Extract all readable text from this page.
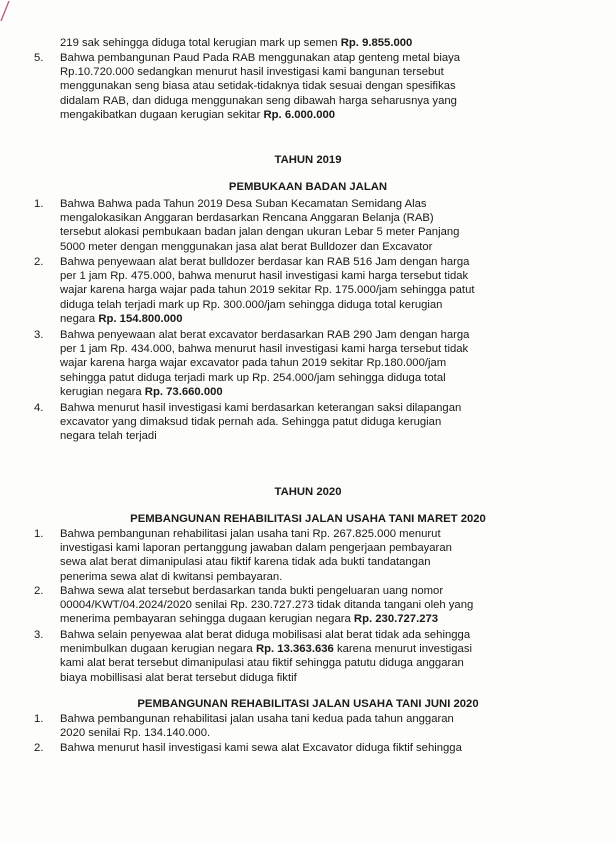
219 sak sehingga diduga total kerugian mark up semen Rp. 9.855.000
5. Bahwa pembangunan Paud Pada RAB menggunakan atap genteng metal biaya
Rp.10.720.000 sedangkan menurut hasil investigasi kami bangunan tersebut
menggunakan seng biasa atau setidak-tidaknya tidak sesuai dengan spesifikas
didalam RAB, dan diduga menggunakan seng dibawah harga seharusnya yang
mengakibatkan dugaan kerugian sekitar Rp. 6.000.000
TAHUN 2019
PEMBUKAAN BADAN JALAN
1. Bahwa Bahwa pada Tahun 2019 Desa Suban Kecamatan Semidang Alas
mengalokasikan Anggaran berdasarkan Rencana Anggaran Belanja (RAB)
tersebut alokasi pembukaan badan jalan dengan ukuran Lebar 5 meter Panjang
5000 meter dengan menggunakan jasa alat berat Bulldozer dan Excavator
2. Bahwa penyewaan alat berat bulldozer berdasar kan RAB 516 Jam dengan harga
per 1 jam Rp. 475.000, bahwa menurut hasil investigasi kami harga tersebut tidak
wajar karena harga wajar pada tahun 2019 sekitar Rp. 175.000/jam sehingga patut
diduga telah terjadi mark up Rp. 300.000/jam sehingga diduga total kerugian
negara Rp. 154.800.000
3. Bahwa penyewaan alat berat excavator berdasarkan RAB 290 Jam dengan harga
per 1 jam Rp. 434.000, bahwa menurut hasil investigasi kami harga tersebut tidak
wajar karena harga wajar excavator pada tahun 2019 sekitar Rp.180.000/jam
sehingga patut diduga terjadi mark up Rp. 254.000/jam sehingga diduga total
kerugian negara Rp. 73.660.000
4. Bahwa menurut hasil investigasi kami berdasarkan keterangan saksi dilapangan
excavator yang dimaksud tidak pernah ada. Sehingga patut diduga kerugian
negara telah terjadi
TAHUN 2020
PEMBANGUNAN REHABILITASI JALAN USAHA TANI MARET 2020
1. Bahwa pembangunan rehabilitasi jalan usaha tani Rp. 267.825.000 menurut
investigasi kami laporan pertanggung jawaban dalam pengerjaan pembayaran
sewa alat berat dimanipulasi atau fiktif karena tidak ada bukti tandatangan
penerima sewa alat di kwitansi pembayaran.
2. Bahwa sewa alat tersebut berdasarkan tanda bukti pengeluaran uang nomor
00004/KWT/04.2024/2020 senilai Rp. 230.727.273 tidak ditanda tangani oleh yang
menerima pembayaran sehingga dugaan kerugian negara Rp. 230.727.273
3. Bahwa selain penyewaa alat berat diduga mobilisasi alat berat tidak ada sehingga
menimbulkan dugaan kerugian negara Rp. 13.363.636 karena menurut investigasi
kami alat berat tersebut dimanipulasi atau fiktif sehingga patutu diduga anggaran
biaya mobillisasi alat berat tersebut diduga fiktif
PEMBANGUNAN REHABILITASI JALAN USAHA TANI JUNI 2020
1. Bahwa pembangunan rehabilitasi jalan usaha tani kedua pada tahun anggaran
2020 senilai Rp. 134.140.000.
2. Bahwa menurut hasil investigasi kami sewa alat Excavator diduga fiktif sehingga
